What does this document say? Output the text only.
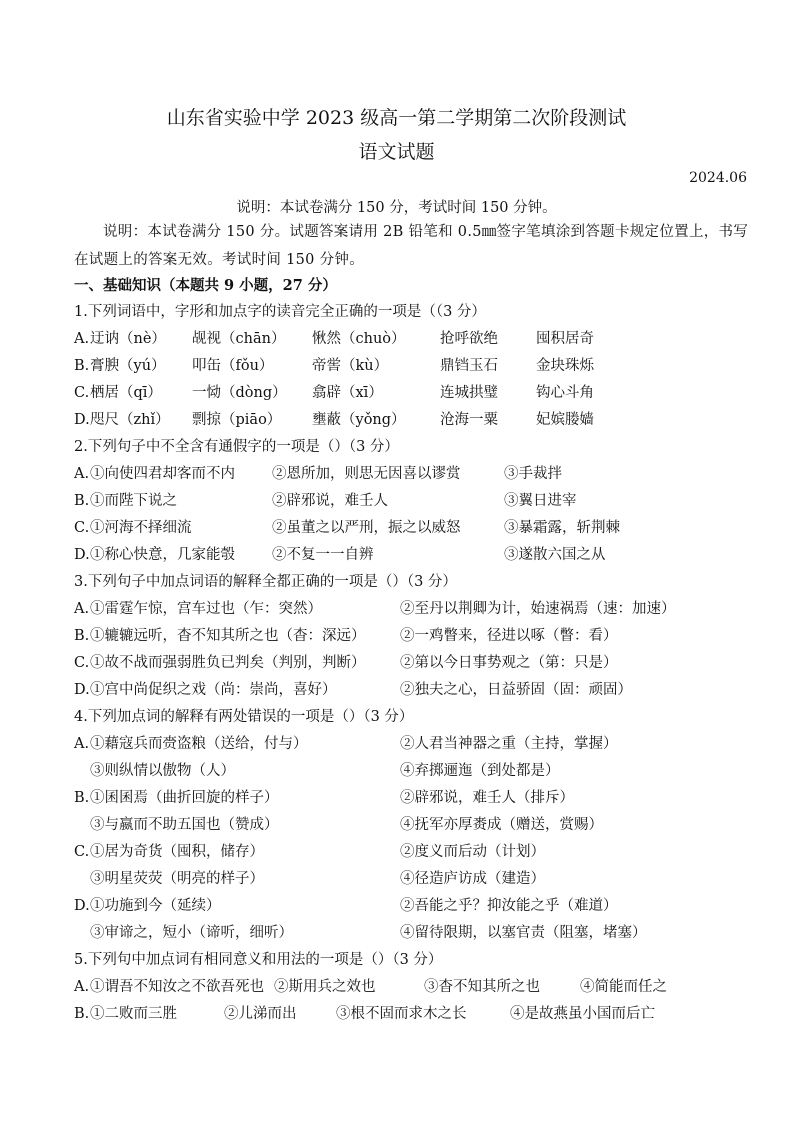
山东省实验中学 2023 级高一第二学期第二次阶段测试
语文试题
2024.06
说明：本试卷满分 150 分，考试时间 150 分钟。
说明：本试卷满分 150 分。试题答案请用 2B 铅笔和 0.5㎜签字笔填涂到答题卡规定位置上，书写在试题上的答案无效。考试时间 150 分钟。
一、基础知识（本题共 9 小题，27 分）
1.下列词语中，字形和加点字的读音完全正确的一项是（（3 分）
A. 迂讷（nè） 觇视（chān） 愀然（chuò） 抢呼欲绝	囤积居奇
B. 膏腴（yú） 叩缶（fǒu）	帝喾（kù）	鼎铛玉石	金块珠烁
C. 栖居（qī） 一恸（dòng） 翕辟（xī）	连城拱璧	钩心斗角
D. 咫尺（zhǐ） 剽掠（piāo） 壅蔽（yǒng） 沧海一粟	妃嫔媵嫱
2.下列句子中不全含有通假字的一项是（）（3 分）
A. ①向使四君却客而不内	②恩所加，则思无因喜以谬赏	③手裁拌
B. ①而陛下说之	②辟邪说，难壬人	③翼日进宰
C. ①河海不择细流	②虽董之以严刑，振之以威怒	③暴霜露，斩荆棘
D. ①称心快意，几家能彀	②不复一一自辨	③遂散六国之从
3.下列句子中加点词语的解释全都正确的一项是（）（3 分）
A. ①雷霆乍惊，宫车过也（乍：突然）	②至丹以荆卿为计，始速祸焉（速：加速）
B. ①辘辘远听，杳不知其所之也（杳：深远） ②一鸡瞥来，径进以啄（瞥：看）
C. ①故不战而强弱胜负已判矣（判别，判断） ②第以今日事势观之（第：只是）
D. ①宫中尚促织之戏（尚：崇尚，喜好）	②独夫之心，日益骄固（固：顽固）
4.下列加点词的解释有两处错误的一项是（）（3 分）
A. ①藉寇兵而赍盗粮（送给，付与）	②人君当神器之重（主持，掌握）
③则纵情以傲物（人）	④弃掷逦迤（到处都是）
B. ①囷囷焉（曲折回旋的样子）	②辟邪说，难壬人（排斥）
③与嬴而不助五国也（赞成）	④抚军亦厚赉成（赠送，赏赐）
C. ①居为奇货（囤积，储存）	②度义而后动（计划）
③明星荧荧（明亮的样子）	④径造庐访成（建造）
D. ①功施到今（延续）	②吾能之乎？抑汝能之乎（难道）
③审谛之，短小（谛听，细听）	④留待限期，以塞官责（阻塞，堵塞）
5.下列句中加点词有相同意义和用法的一项是（）（3 分）
A. ①谓吾不知汝之不欲吾死也 ②斯用兵之效也	③杳不知其所之也	④简能而任之
B. ①二败而三胜	②儿涕而出	③根不固而求木之长	④是故燕虽小国而后亡
